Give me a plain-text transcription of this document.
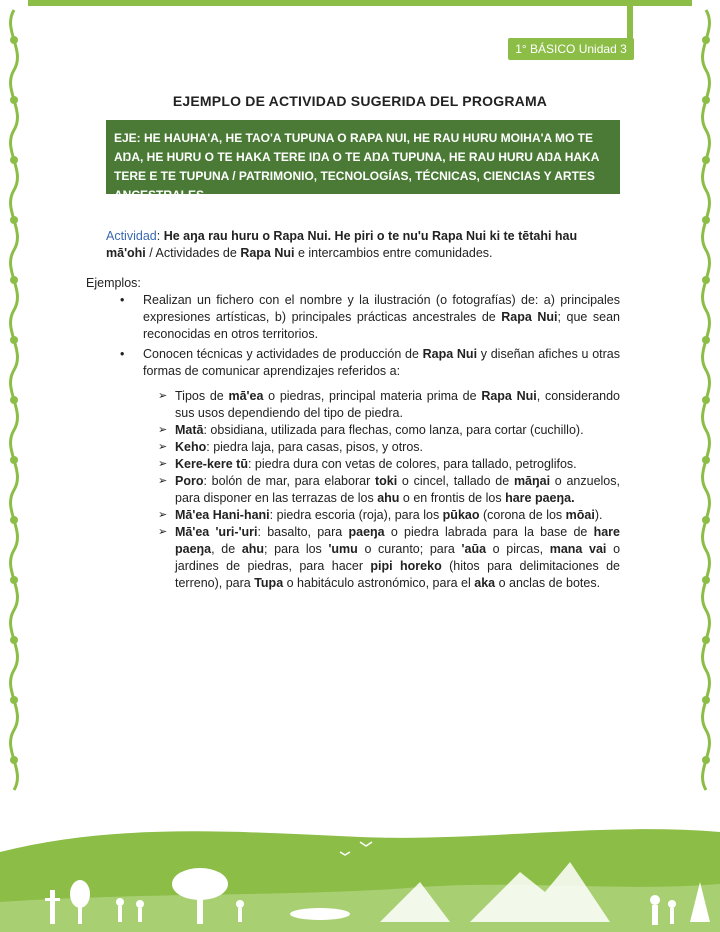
1° BÁSICO Unidad 3
EJEMPLO DE ACTIVIDAD SUGERIDA DEL PROGRAMA
EJE: HE HAUHA'A, HE TAO'A TUPUNA O RAPA NUI, HE RAU HURU MOIHA'A MO TE AŊA, HE HURU O TE HAKA TERE IŊA O TE AŊA TUPUNA, HE RAU HURU AŊA HAKA TERE E TE TUPUNA / PATRIMONIO, TECNOLOGÍAS, TÉCNICAS, CIENCIAS Y ARTES ANCESTRALES.
Actividad: He aŋa rau huru o Rapa Nui. He piri o te nu'u Rapa Nui ki te tētahi hau mā'ohi / Actividades de Rapa Nui e intercambios entre comunidades.
Ejemplos:
• Realizan un fichero con el nombre y la ilustración (o fotografías) de: a) principales expresiones artísticas, b) principales prácticas ancestrales de Rapa Nui; que sean reconocidas en otros territorios.
• Conocen técnicas y actividades de producción de Rapa Nui y diseñan afiches u otras formas de comunicar aprendizajes referidos a:
➢ Tipos de mā'ea o piedras, principal materia prima de Rapa Nui, considerando sus usos dependiendo del tipo de piedra.
➢ Matā: obsidiana, utilizada para flechas, como lanza, para cortar (cuchillo).
➢ Keho: piedra laja, para casas, pisos, y otros.
➢ Kere-kere tū: piedra dura con vetas de colores, para tallado, petroglifos.
➢ Poro: bolón de mar, para elaborar toki o cincel, tallado de māŋai o anzuelos, para disponer en las terrazas de los ahu o en frontis de los hare paeŋa.
➢ Mā'ea Hani-hani: piedra escoria (roja), para los pūkao (corona de los mōai).
➢ Mā'ea 'uri-'uri: basalto, para paeŋa o piedra labrada para la base de hare paeŋa, de ahu; para los 'umu o curanto; para 'aūa o pircas, mana vai o jardines de piedras, para hacer pipi horeko (hitos para delimitaciones de terreno), para Tupa o habitáculo astronómico, para el aka o anclas de botes.
